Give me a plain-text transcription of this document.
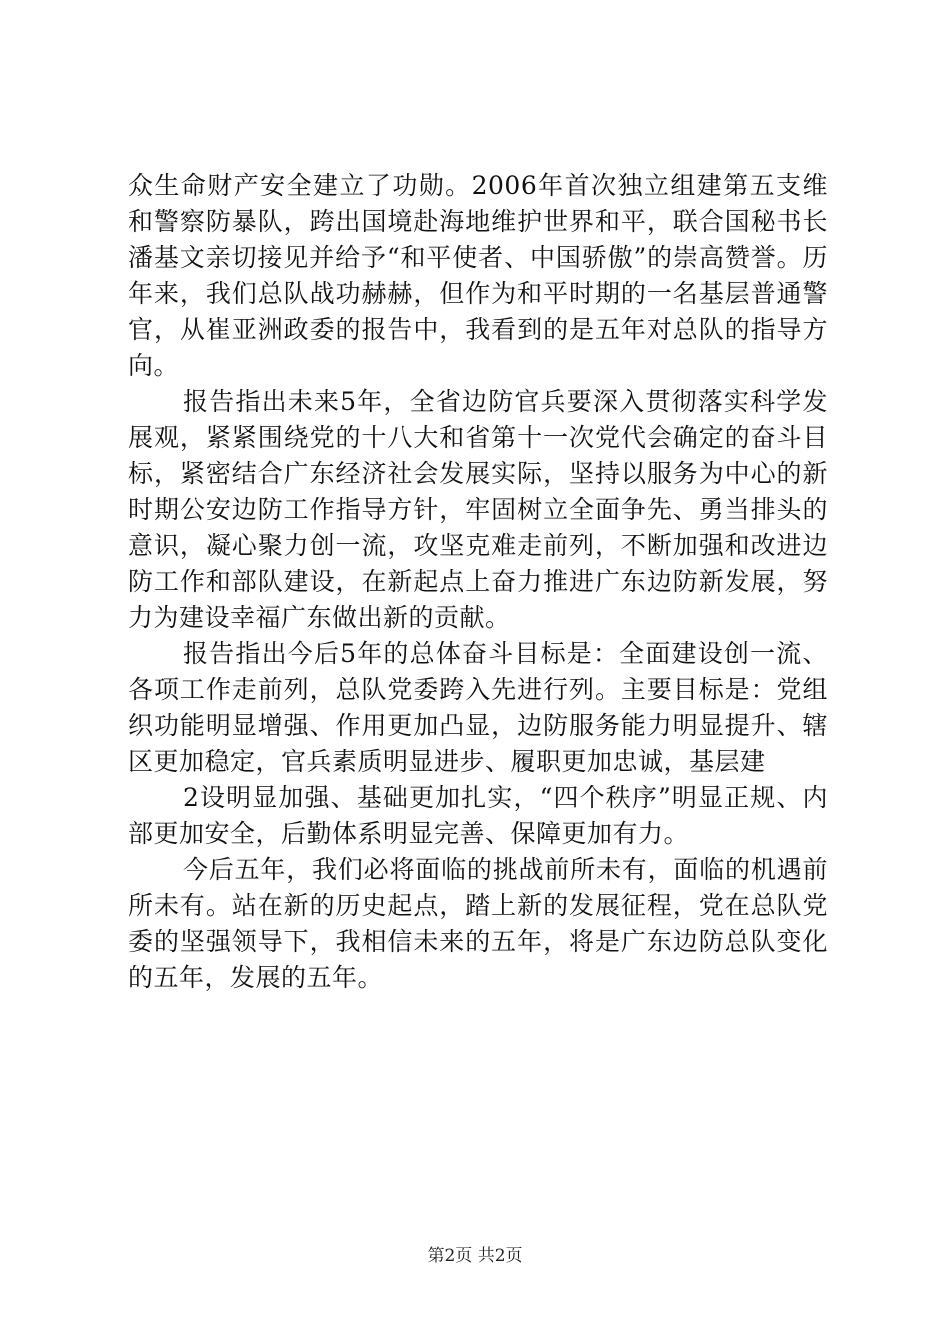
众生命财产安全建立了功勋。2006年首次独立组建第五支维和警察防暴队，跨出国境赴海地维护世界和平，联合国秘书长潘基文亲切接见并给予“和平使者、中国骄傲”的崇高赞誉。历年来，我们总队战功赫赫，但作为和平时期的一名基层普通警官，从崔亚洲政委的报告中，我看到的是五年对总队的指导方向。

报告指出未来5年，全省边防官兵要深入贯彻落实科学发展观，紧紧围绕党的十八大和省第十一次党代会确定的奋斗目标，紧密结合广东经济社会发展实际，坚持以服务为中心的新时期公安边防工作指导方针，牢固树立全面争先、勇当排头的意识，凝心聚力创一流，攻坚克难走前列，不断加强和改进边防工作和部队建设，在新起点上奋力推进广东边防新发展，努力为建设幸福广东做出新的贡献。

报告指出今后5年的总体奋斗目标是：全面建设创一流、各项工作走前列，总队党委跨入先进行列。主要目标是：党组织功能明显增强、作用更加凸显，边防服务能力明显提升、辖区更加稳定，官兵素质明显进步、履职更加忠诚，基层建

2设明显加强、基础更加扎实，“四个秩序”明显正规、内部更加安全，后勤体系明显完善、保障更加有力。

今后五年，我们必将面临的挑战前所未有，面临的机遇前所未有。站在新的历史起点，踏上新的发展征程，党在总队党委的坚强领导下，我相信未来的五年，将是广东边防总队变化的五年，发展的五年。

第2页 共2页
